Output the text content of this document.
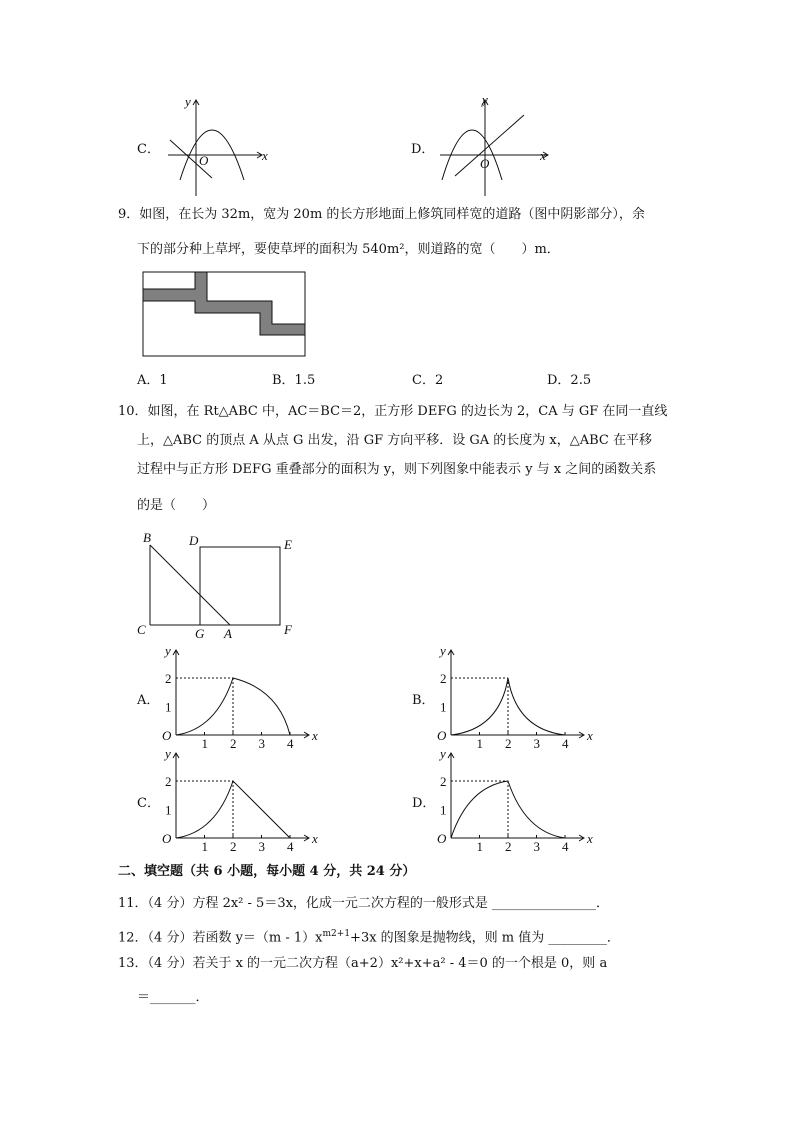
C．	D．
y
x
O
y
x
O
B	D	E
C	G A	F
1 2 3 4
1
2
O
y
x
1 2 3 4
1
2
O
y
x
1 2 3 4
1
2
O
y
x
1 2 3 4
1
2
O
y
x
9．如图，在长为 32m，宽为 20m 的长方形地面上修筑同样宽的道路（图中阴影部分），余
下的部分种上草坪，要使草坪的面积为 540m²，则道路的宽（　　）m．
A．1	B．1.5	C．2	D．2.5
10．如图，在 Rt△ABC 中，AC＝BC＝2，正方形 DEFG 的边长为 2，CA 与 GF 在同一直线
上，△ABC 的顶点 A 从点 G 出发，沿 GF 方向平移．设 GA 的长度为 x，△ABC 在平移
过程中与正方形 DEFG 重叠部分的面积为 y，则下列图象中能表示 y 与 x 之间的函数关系
的是（　　）
A．	B．
C．	D．
二、填空题（共 6 小题，每小题 4 分，共 24 分）
11．（4 分）方程 2x² - 5＝3x，化成一元二次方程的一般形式是 ________________．
12．（4 分）若函数 $y=(m - 1)x^{m2+1}+3x$ 的图象是抛物线，则 m 值为 _________．
13．（4 分）若关于 x 的一元二次方程（a+2）x²+x+a² - 4＝0 的一个根是 0，则 a
＝_______．
